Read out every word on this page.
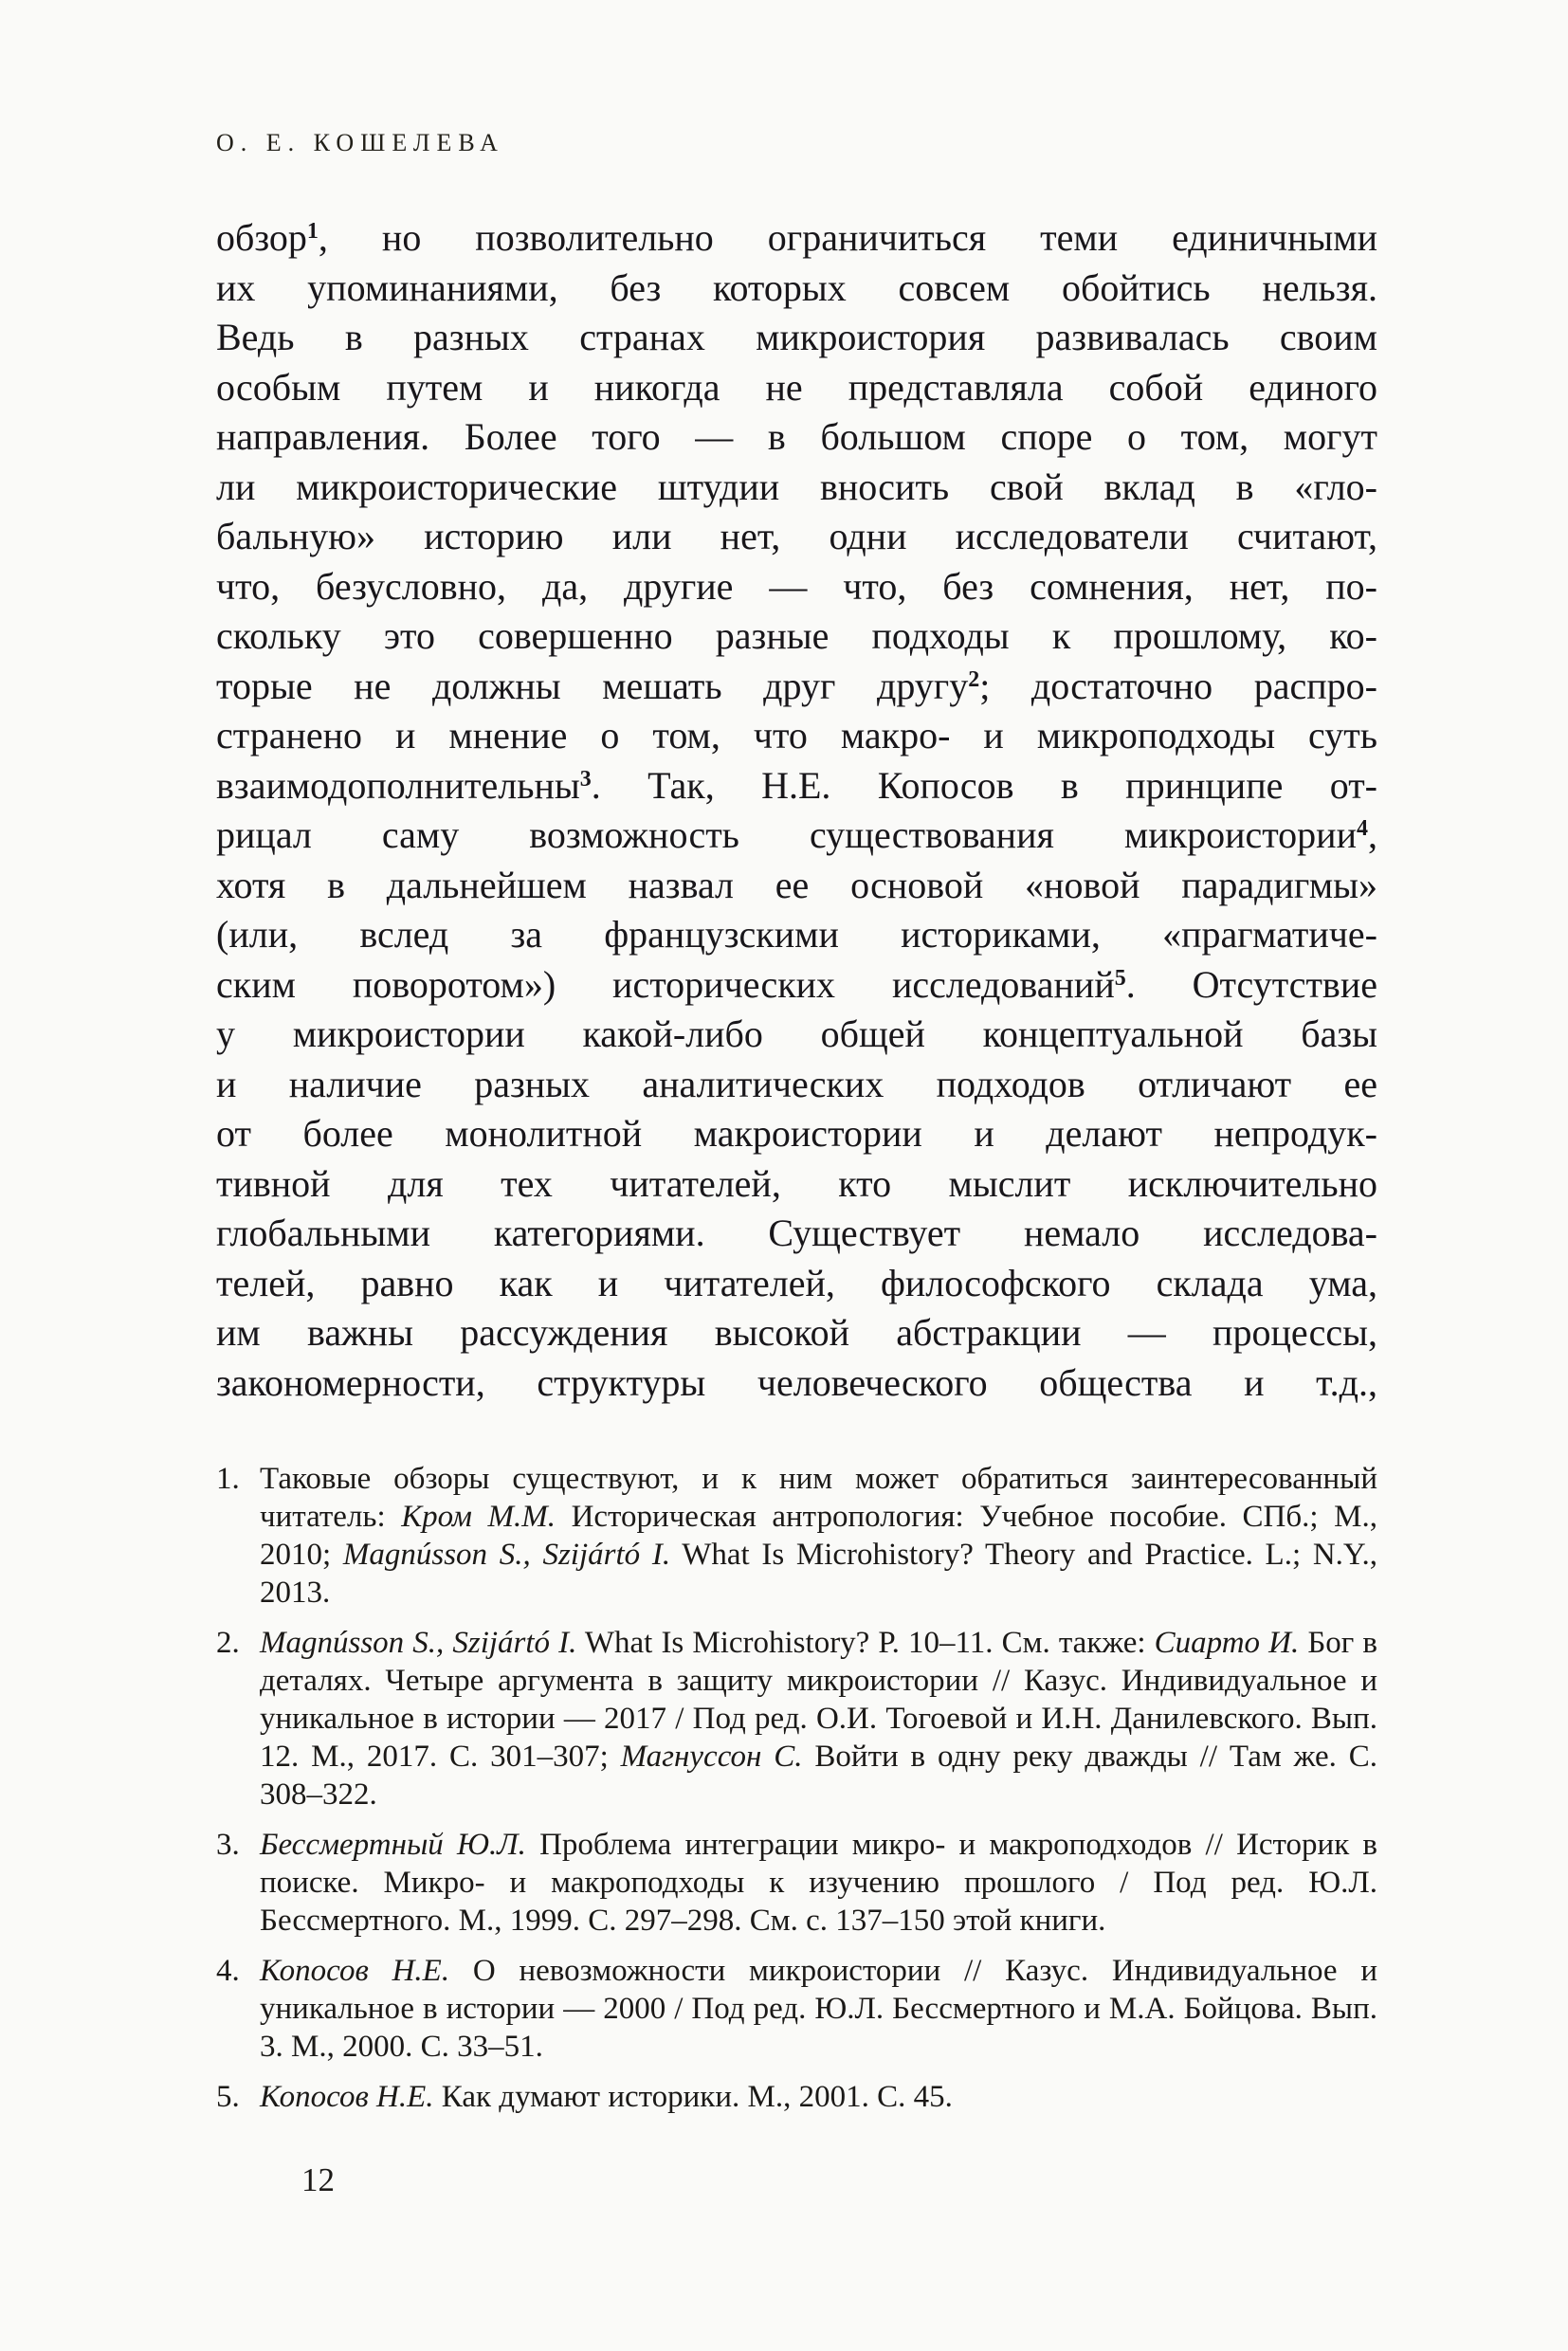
О. Е. КОШЕЛЕВА
обзор$^1$, но позволительно ограничиться теми единичными
их упоминаниями, без которых совсем обойтись нельзя.
Ведь в разных странах микроистория развивалась своим
особым путем и никогда не представляла собой единого
направления. Более того — в большом споре о том, могут
ли микроисторические штудии вносить свой вклад в «гло-
бальную» историю или нет, одни исследователи считают,
что, безусловно, да, другие — что, без сомнения, нет, по-
скольку это совершенно разные подходы к прошлому, ко-
торые не должны мешать друг другу$^2$; достаточно распро-
странено и мнение о том, что макро- и микроподходы суть
взаимодополнительны$^3$. Так, Н.Е. Копосов в принципе от-
рицал саму возможность существования микроистории$^4$,
хотя в дальнейшем назвал ее основой «новой парадигмы»
(или, вслед за французскими историками, «прагматиче-
ским поворотом») исторических исследований$^5$. Отсутствие
у микроистории какой-либо общей концептуальной базы
и наличие разных аналитических подходов отличают ее
от более монолитной макроистории и делают непродук-
тивной для тех читателей, кто мыслит исключительно
глобальными категориями. Существует немало исследова-
телей, равно как и читателей, философского склада ума,
им важны рассуждения высокой абстракции — процессы,
закономерности, структуры человеческого общества и т.д.,
1. Таковые обзоры существуют, и к ним может обратиться заинтересованный читатель: Кром М.М. Историческая антропология: Учебное пособие. СПб.; М., 2010; Magnússon S., Szijártó I. What Is Microhistory? Theory and Practice. L.; N.Y., 2013.
2. Magnússon S., Szijártó I. What Is Microhistory? Р. 10–11. См. также: Сиарто И. Бог в деталях. Четыре аргумента в защиту микроистории // Казус. Индивидуальное и уникальное в истории — 2017 / Под ред. О.И. Тогоевой и И.Н. Данилевского. Вып. 12. М., 2017. С. 301–307; Магнуссон С. Войти в одну реку дважды // Там же. С. 308–322.
3. Бессмертный Ю.Л. Проблема интеграции микро- и макроподходов // Историк в поиске. Микро- и макроподходы к изучению прошлого / Под ред. Ю.Л. Бессмертного. М., 1999. С. 297–298. См. с. 137–150 этой книги.
4. Копосов Н.Е. О невозможности микроистории // Казус. Индивидуальное и уникальное в истории — 2000 / Под ред. Ю.Л. Бессмертного и М.А. Бойцова. Вып. 3. М., 2000. С. 33–51.
5. Копосов Н.Е. Как думают историки. М., 2001. С. 45.
12
